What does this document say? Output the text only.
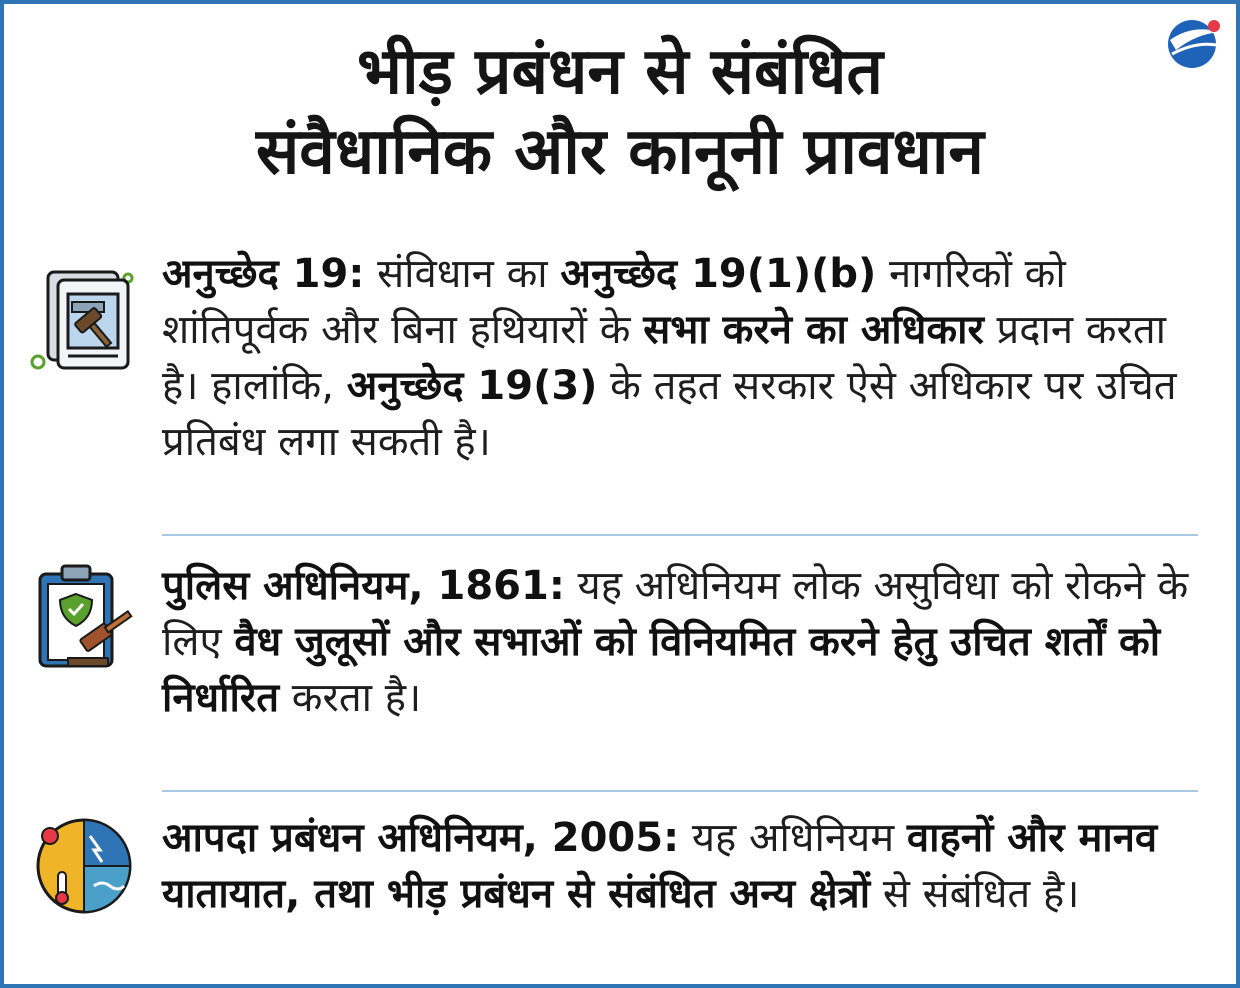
भीड़ प्रबंधन से संबंधित
संवैधानिक और कानूनी प्रावधान
अनुच्छेद 19: संविधान का अनुच्छेद 19(1)(b) नागरिकों को शांतिपूर्वक और बिना हथियारों के सभा करने का अधिकार प्रदान करता है। हालांकि, अनुच्छेद 19(3) के तहत सरकार ऐसे अधिकार पर उचित प्रतिबंध लगा सकती है।
पुलिस अधिनियम, 1861: यह अधिनियम लोक असुविधा को रोकने के लिए वैध जुलूसों और सभाओं को विनियमित करने हेतु उचित शर्तों को निर्धारित करता है।
आपदा प्रबंधन अधिनियम, 2005: यह अधिनियम वाहनों और मानव यातायात, तथा भीड़ प्रबंधन से संबंधित अन्य क्षेत्रों से संबंधित है।
